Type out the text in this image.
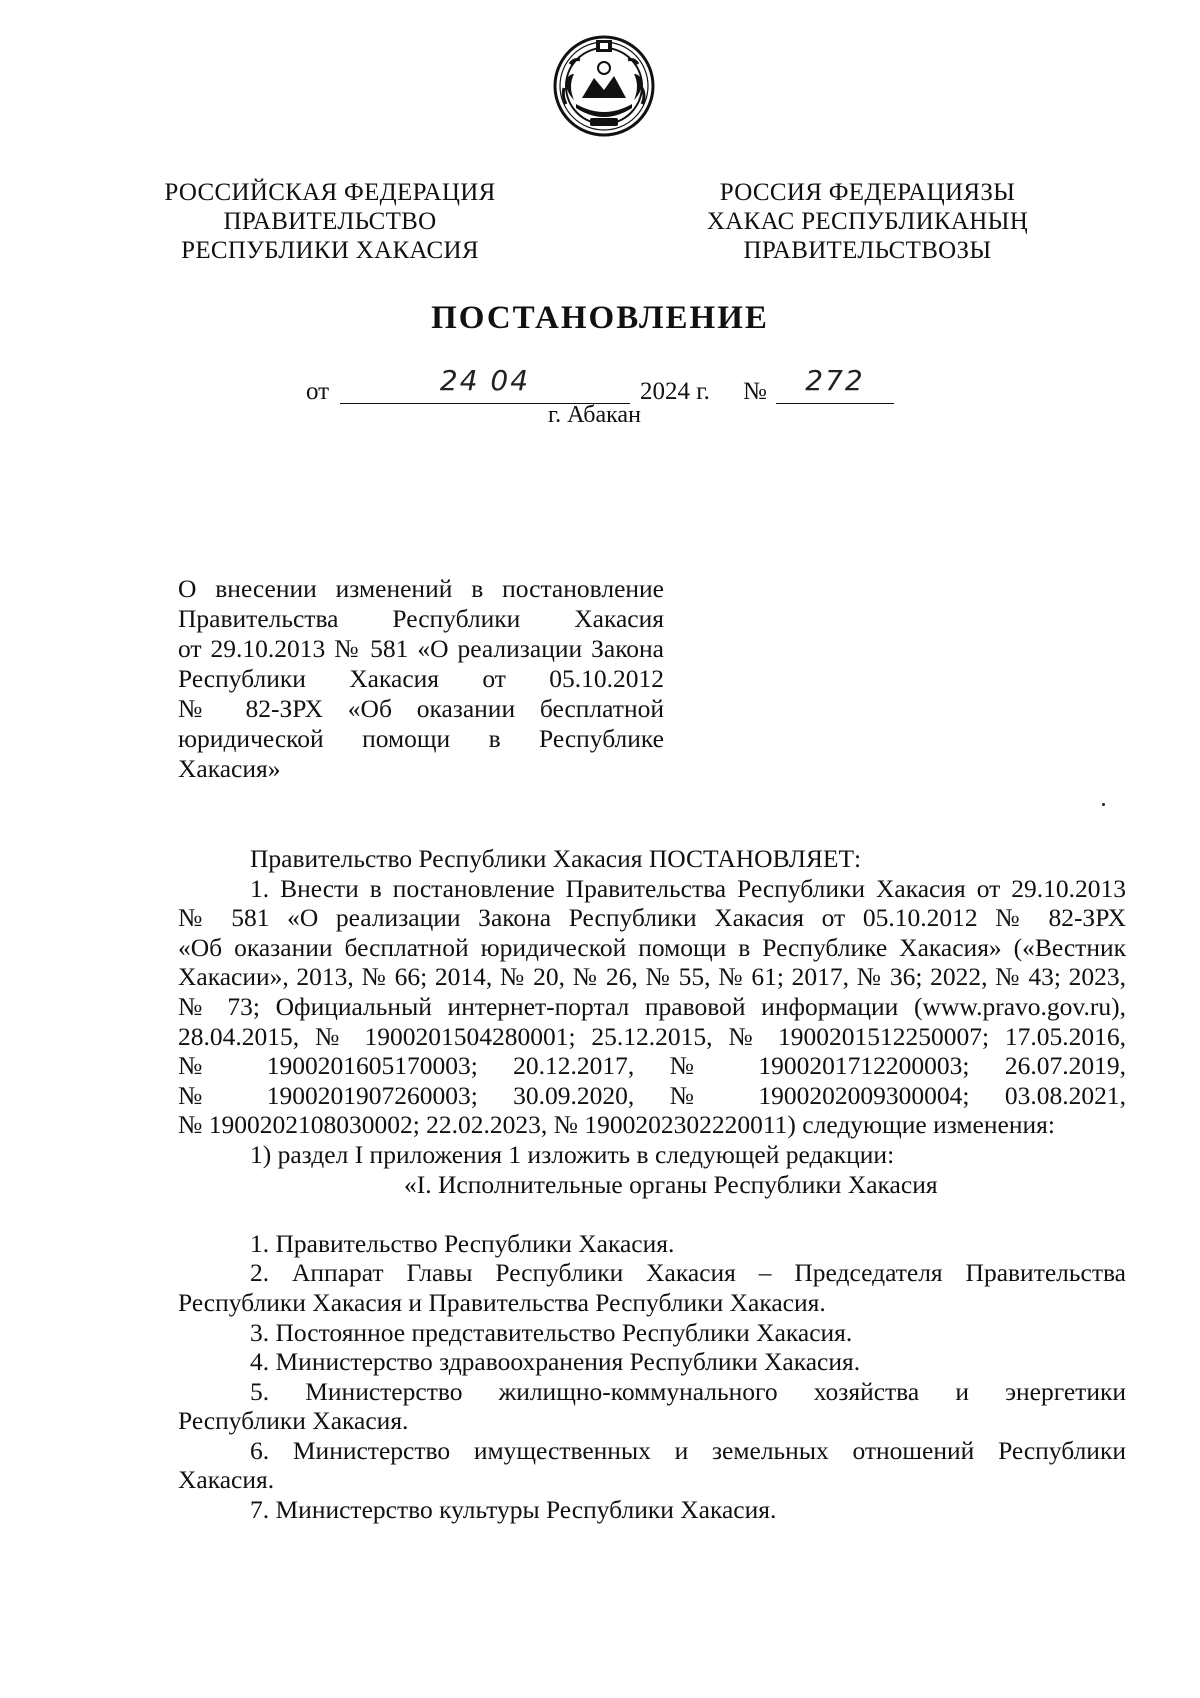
РОССИЙСКАЯ ФЕДЕРАЦИЯ
ПРАВИТЕЛЬСТВО
РЕСПУБЛИКИ ХАКАСИЯ
РОССИЯ ФЕДЕРАЦИЯЗЫ
ХАКАС РЕСПУБЛИКАНЫҢ
ПРАВИТЕЛЬСТВОЗЫ
ПОСТАНОВЛЕНИЕ
от	24 04	2024 г. №	272
г. Абакан
О внесении изменений в постановление
Правительства Республики Хакасия
от 29.10.2013 № 581 «О реализации Закона
Республики Хакасия от 05.10.2012
№ 82-ЗРХ «Об оказании бесплатной
юридической помощи в Республике
Хакасия»
Правительство Республики Хакасия ПОСТАНОВЛЯЕТ:
1. Внести в постановление Правительства Республики Хакасия от 29.10.2013
№ 581 «О реализации Закона Республики Хакасия от 05.10.2012 № 82-ЗРХ
«Об оказании бесплатной юридической помощи в Республике Хакасия» («Вестник
Хакасии», 2013, № 66; 2014, № 20, № 26, № 55, № 61; 2017, № 36; 2022, № 43; 2023,
№ 73; Официальный интернет-портал правовой информации (www.pravo.gov.ru),
28.04.2015, № 1900201504280001; 25.12.2015, № 1900201512250007; 17.05.2016,
№ 1900201605170003; 20.12.2017, № 1900201712200003; 26.07.2019,
№ 1900201907260003; 30.09.2020, № 1900202009300004; 03.08.2021,
№ 1900202108030002; 22.02.2023, № 1900202302220011) следующие изменения:
1) раздел I приложения 1 изложить в следующей редакции:
«I. Исполнительные органы Республики Хакасия
1. Правительство Республики Хакасия.
2. Аппарат Главы Республики Хакасия – Председателя Правительства
Республики Хакасия и Правительства Республики Хакасия.
3. Постоянное представительство Республики Хакасия.
4. Министерство здравоохранения Республики Хакасия.
5. Министерство жилищно-коммунального хозяйства и энергетики
Республики Хакасия.
6. Министерство имущественных и земельных отношений Республики
Хакасия.
7. Министерство культуры Республики Хакасия.
